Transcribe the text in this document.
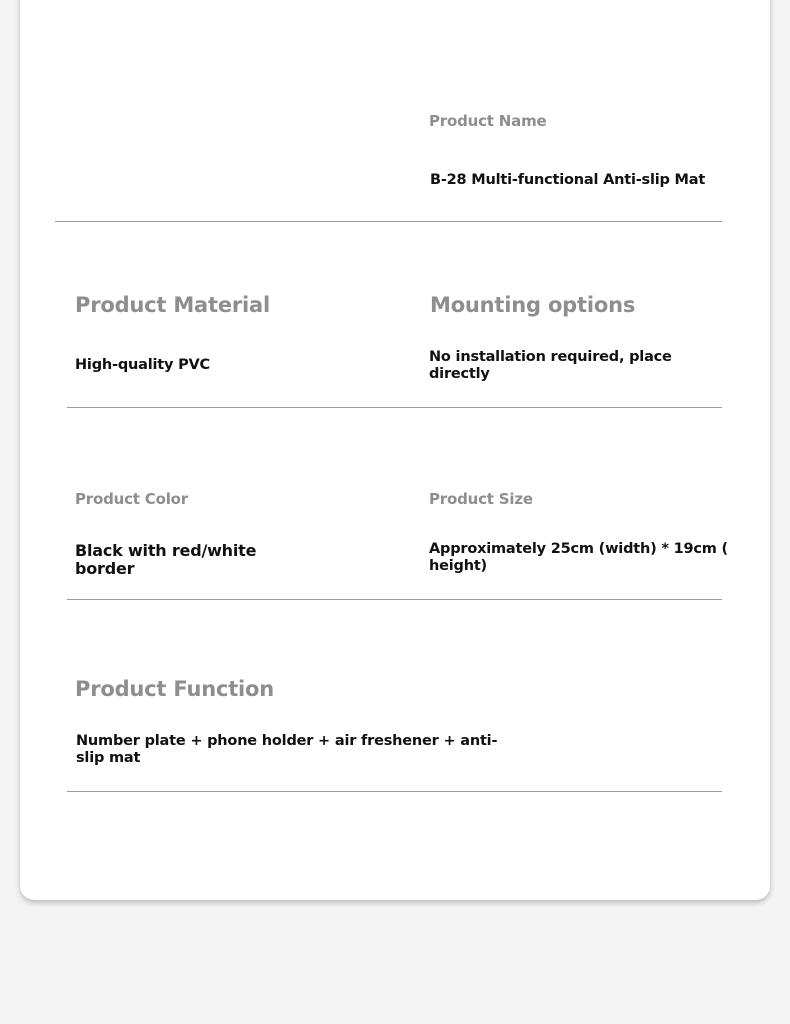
Product Name
B-28 Multi-functional Anti-slip Mat
Product Material
High-quality PVC
Mounting options
No installation required, place directly
Product Color
Black with red/white border
Product Size
Approximately 25cm (width) * 19cm ( height)
Product Function
Number plate + phone holder + air freshener + anti-slip mat
